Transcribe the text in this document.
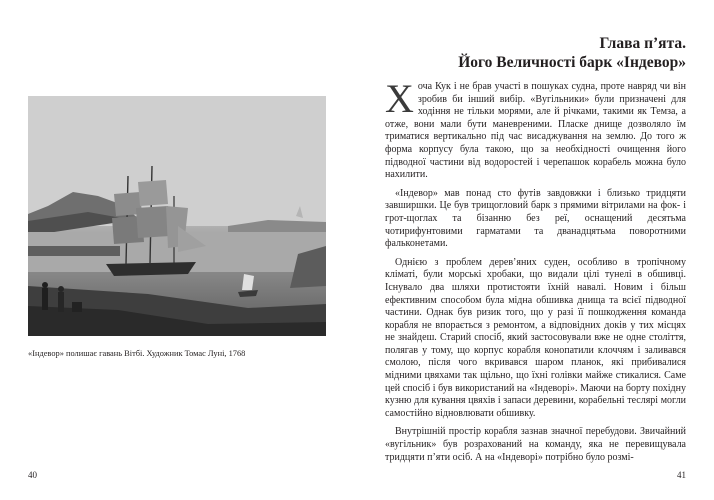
«Індевор» полишає гавань Вітбі. Художник Томас Луні, 1768
40
Глава п’ята.
Його Величності барк «Індевор»

Хоча Кук і не брав участі в пошуках судна, проте навряд чи він зробив би інший вибір. «Вугільники» були призначені для ходіння не тільки морями, але й річками, такими як Темза, а отже, вони мали бути маневреними. Пласке днище дозволяло їм триматися вертикально під час висаджування на землю. До того ж форма корпусу була такою, що за необхідності очищення його підводної частини від водоростей і черепашок корабель можна було нахилити.

«Індевор» мав понад сто футів завдовжки і близько тридцяти завширшки. Це був трищогловий барк з прямими вітрилами на фок- і грот-щоглах та бізанню без реї, оснащений десятьма чотирифунтовими гарматами та дванадцятьма поворотними фальконетами.

Однією з проблем дерев’яних суден, особливо в тропічному кліматі, були морські хробаки, що видали цілі тунелі в обшивці. Існувало два шляхи протистояти їхній навалі. Новим і більш ефективним способом була мідна обшивка днища та всієї підводної частини. Однак був ризик того, що у разі її пошкодження команда корабля не впорається з ремонтом, а відповідних доків у тих місцях не знайдеш. Старий спосіб, який застосовували вже не одне століття, полягав у тому, що корпус корабля конопатили клоччям і заливався смолою, після чого вкривався шаром планок, які прибивалися мідними цвяхами так щільно, що їхні голівки майже стикалися. Саме цей спосіб і був використаний на «Індеворі». Маючи на борту похідну кузню для кування цвяхів і запаси деревини, корабельні теслярі могли самостійно відновлювати обшивку.

Внутрішній простір корабля зазнав значної перебудови. Звичайний «вугільник» був розрахований на команду, яка не перевищувала тридцяти п’яти осіб. А на «Індеворі» потрібно було розмі-

41
